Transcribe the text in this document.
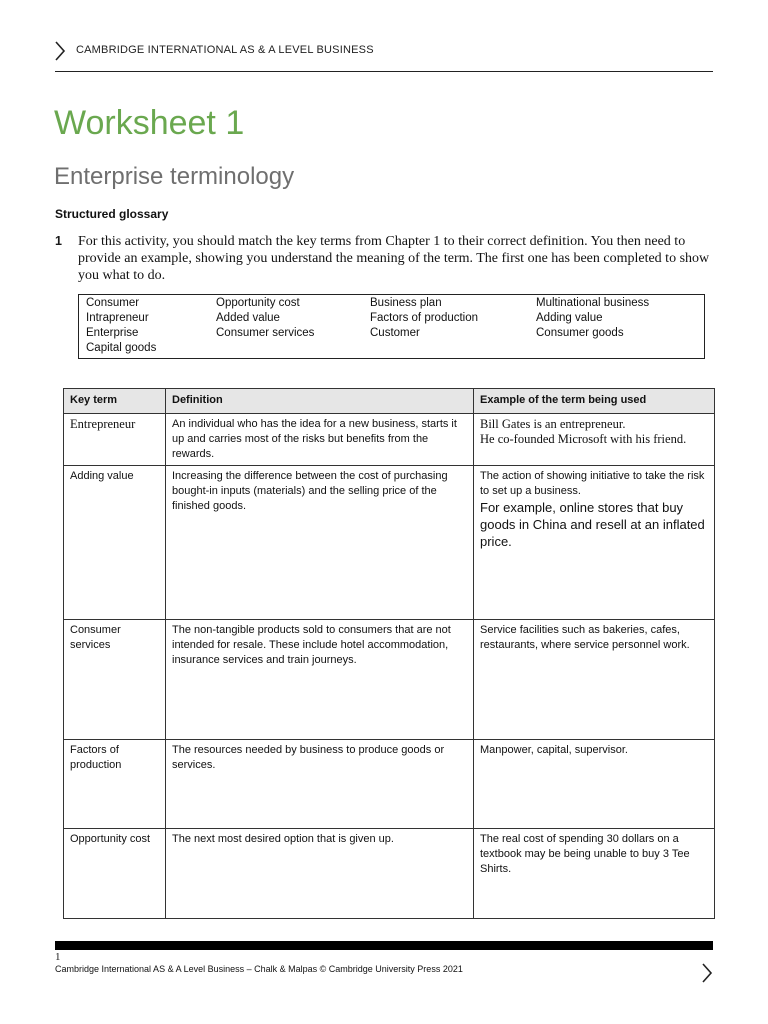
CAMBRIDGE INTERNATIONAL AS & A LEVEL BUSINESS
Worksheet 1
Enterprise terminology
Structured glossary
1 For this activity, you should match the key terms from Chapter 1 to their correct definition. You then need to provide an example, showing you understand the meaning of the term. The first one has been completed to show you what to do.
Consumer
Intrapreneur
Enterprise
Capital goods
Opportunity cost
Added value
Consumer services
Business plan
Factors of production
Customer
Multinational business
Adding value
Consumer goods
Key term	Definition	Example of the term being used
Entrepreneur	An individual who has the idea for a new business, starts it up and carries most of the risks but benefits from the rewards.	Bill Gates is an entrepreneur.
He co-founded Microsoft with his friend.

Adding value	Increasing the difference between the cost of purchasing bought-in inputs (materials) and the selling price of the finished goods.	The action of showing initiative to take the risk to set up a business.
For example, online stores that buy goods in China and resell at an inflated price.

Consumer services	The non-tangible products sold to consumers that are not intended for resale. These include hotel accommodation, insurance services and train journeys.	Service facilities such as bakeries, cafes, restaurants, where service personnel work.
Factors of production	The resources needed by business to produce goods or services.	Manpower, capital, supervisor.
Opportunity cost	The next most desired option that is given up.	The real cost of spending 30 dollars on a textbook may be being unable to buy 3 Tee Shirts.
1
Cambridge International AS & A Level Business – Chalk & Malpas © Cambridge University Press 2021
